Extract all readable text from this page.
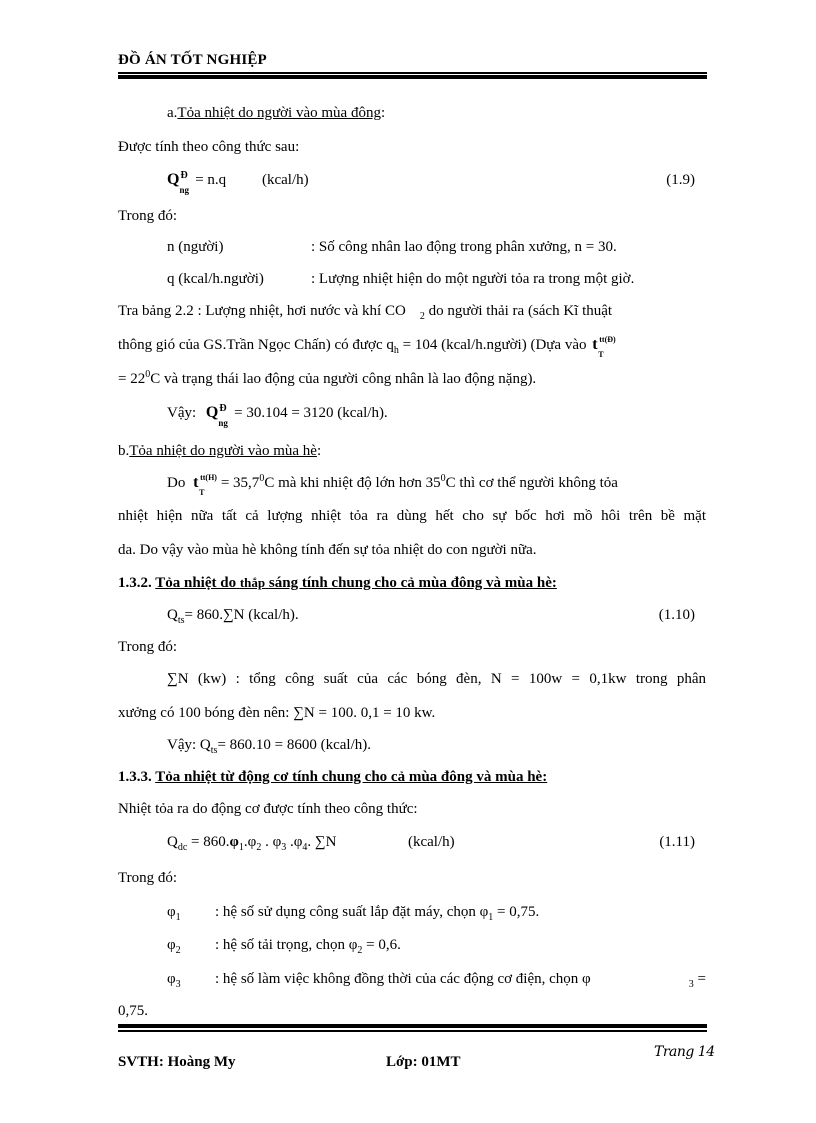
ĐỒ ÁN TỐT NGHIỆP
a.Tỏa nhiệt do người vào mùa đông:
Được tính theo công thức sau:
Q Đ
ng
= n.q (kcal/h)	(1.9)
Trong đó:
n (người)	: Số công nhân lao động trong phân xưởng, n = 30.
q (kcal/h.người)	: Lượng nhiệt hiện do một người tỏa ra trong một giờ.
Tra bảng 2.2 : Lượng nhiệt, hơi nước và khí CO $_2$ do người thải ra (sách Kĩ thuật
thông gió của GS.Trần Ngọc Chấn) có được $q_h = 104$ (kcal/h.người) (Dựa vào t tt(Đ)
T
= $22^0C$ và trạng thái lao động của người công nhân là lao động nặng).
Vậy: Q Đ
ng
= 30.104 = 3120 (kcal/h).
b.Tỏa nhiệt do người vào mùa hè:
Do t tt(H)
T
= $35,7^0C$ mà khi nhiệt độ lớn hơn $35^0C$ thì cơ thể người không tỏa
nhiệt hiện nữa tất cả lượng nhiệt tỏa ra dùng hết cho sự bốc hơi mồ hôi trên bề mặt
da. Do vậy vào mùa hè không tính đến sự tỏa nhiệt do con người nữa.
1.3.2. Tỏa nhiệt do thắp sáng tính chung cho cả mùa đông và mùa hè:
$Q_{ts}= 860.\sum N$ (kcal/h).	(1.10)
Trong đó:
∑N (kw) : tổng công suất của các bóng đèn, N = 100w = 0,1kw trong phân
xưởng có 100 bóng đèn nên: ∑N = 100. 0,1 = 10 kw.
Vậy: $Q_{ts}= 860.10 = 8600$ (kcal/h).
1.3.3. Tỏa nhiệt từ động cơ tính chung cho cả mùa đông và mùa hè:
Nhiệt tỏa ra do động cơ được tính theo công thức:
$Q_{dc} = 860.\varphi_1.\varphi_2$ . $\varphi_3$ $.\varphi_4$. ∑N	(kcal/h)	(1.11)
Trong đó:
$\varphi_1$ : hệ số sử dụng công suất lắp đặt máy, chọn $\varphi_1 = 0,75$.
$\varphi_2$ : hệ số tải trọng, chọn $\varphi_2 = 0,6$.
$\varphi_3$ : hệ số làm việc không đồng thời của các động cơ điện, chọn φ	$_3$ =
0,75.
SVTH: Hoàng My	Lớp: 01MT
Trang 14
